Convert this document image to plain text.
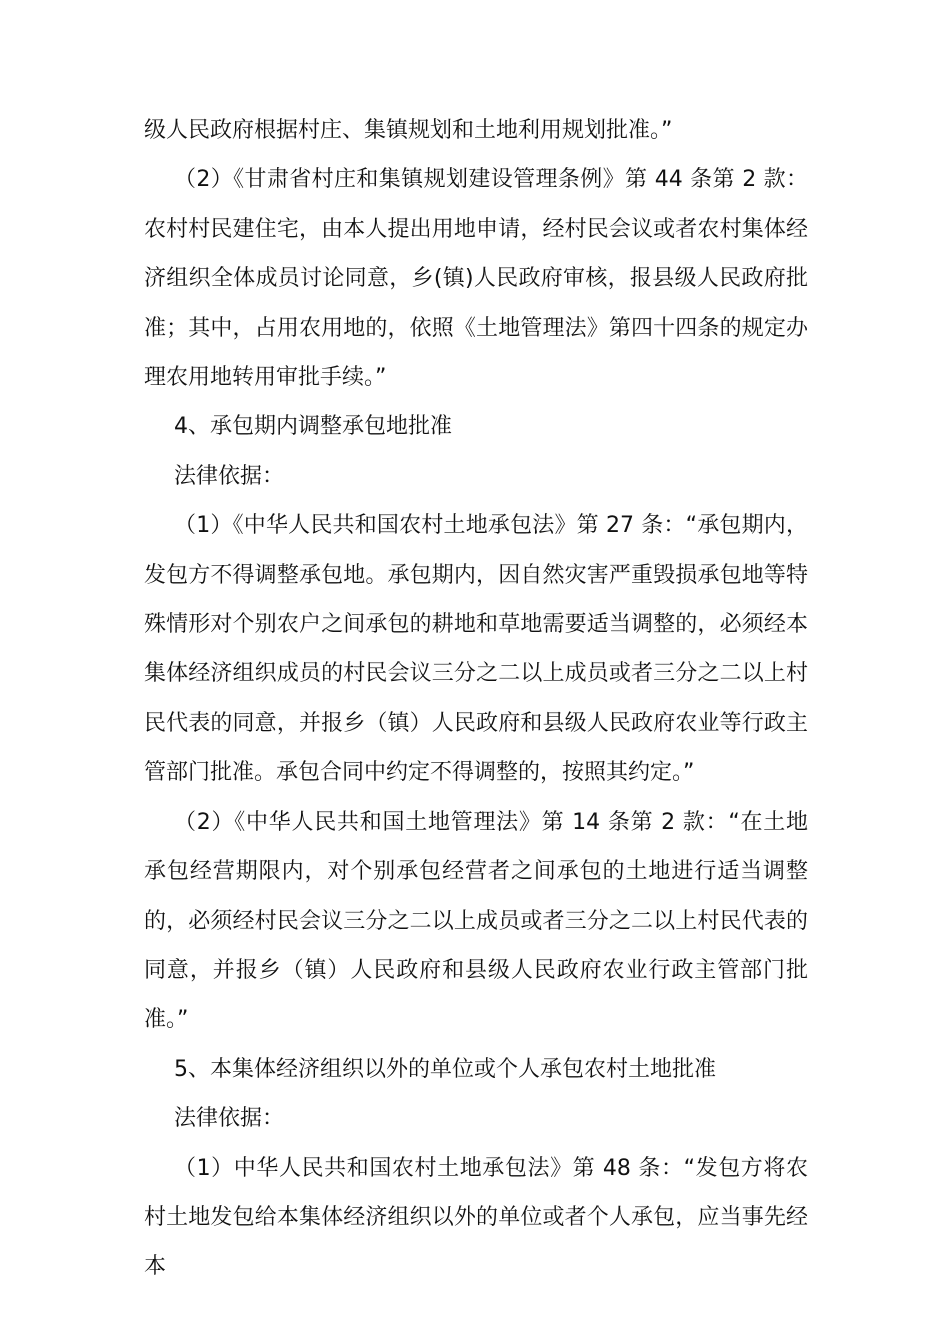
级人民政府根据村庄、集镇规划和土地利用规划批准。”

（2）《甘肃省村庄和集镇规划建设管理条例》第 44 条第 2 款：农村村民建住宅，由本人提出用地申请，经村民会议或者农村集体经济组织全体成员讨论同意，乡(镇)人民政府审核，报县级人民政府批准；其中，占用农用地的，依照《土地管理法》第四十四条的规定办理农用地转用审批手续。”

4、承包期内调整承包地批准

法律依据：

（1）《中华人民共和国农村土地承包法》第 27 条：“承包期内，发包方不得调整承包地。承包期内，因自然灾害严重毁损承包地等特殊情形对个别农户之间承包的耕地和草地需要适当调整的，必须经本集体经济组织成员的村民会议三分之二以上成员或者三分之二以上村民代表的同意，并报乡（镇）人民政府和县级人民政府农业等行政主管部门批准。承包合同中约定不得调整的，按照其约定。”

（2）《中华人民共和国土地管理法》第 14 条第 2 款：“在土地承包经营期限内，对个别承包经营者之间承包的土地进行适当调整的，必须经村民会议三分之二以上成员或者三分之二以上村民代表的同意，并报乡（镇）人民政府和县级人民政府农业行政主管部门批准。”

5、本集体经济组织以外的单位或个人承包农村土地批准

法律依据：

（1）中华人民共和国农村土地承包法》第 48 条：“发包方将农村土地发包给本集体经济组织以外的单位或者个人承包，应当事先经本
